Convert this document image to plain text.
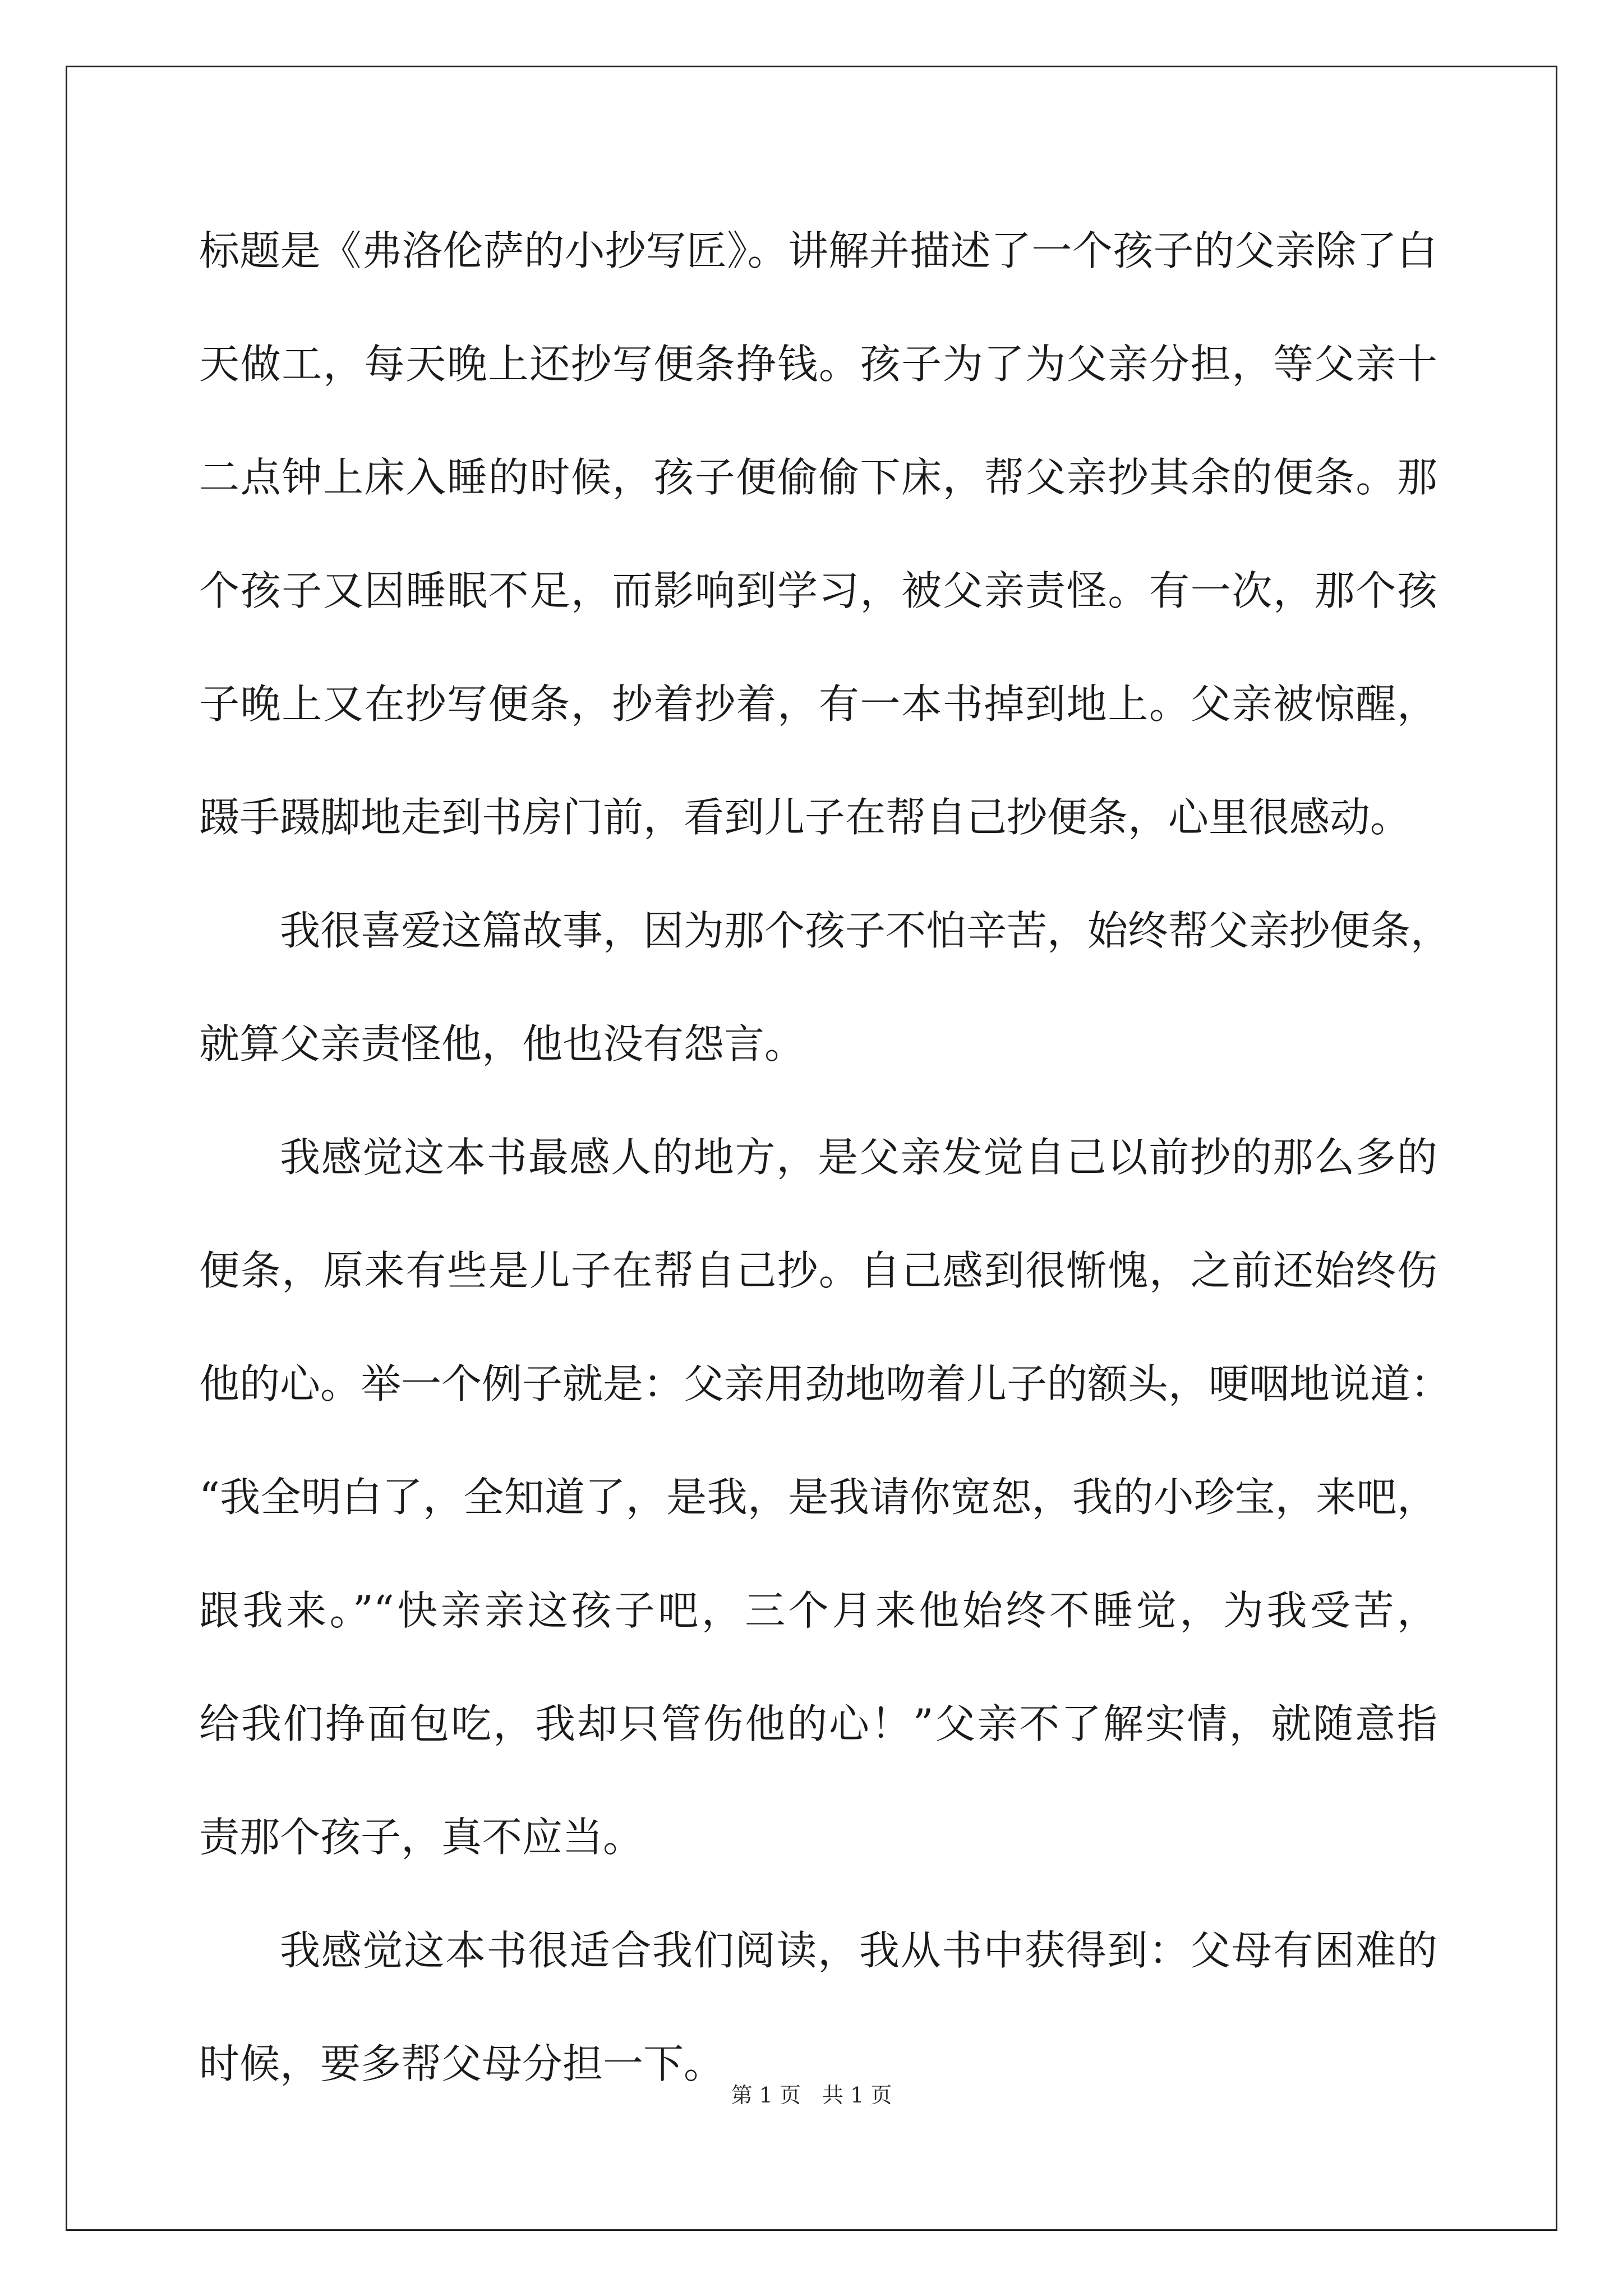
标题是《弗洛伦萨的小抄写匠》。讲解并描述了一个孩子的父亲除了白
天做工，每天晚上还抄写便条挣钱。孩子为了为父亲分担，等父亲十
二点钟上床入睡的时候，孩子便偷偷下床，帮父亲抄其余的便条。那
个孩子又因睡眠不足，而影响到学习，被父亲责怪。有一次，那个孩
子晚上又在抄写便条，抄着抄着，有一本书掉到地上。父亲被惊醒，
蹑手蹑脚地走到书房门前，看到儿子在帮自己抄便条，心里很感动。
我很喜爱这篇故事，因为那个孩子不怕辛苦，始终帮父亲抄便条，
就算父亲责怪他，他也没有怨言。
我感觉这本书最感人的地方，是父亲发觉自己以前抄的那么多的
便条，原来有些是儿子在帮自己抄。自己感到很惭愧，之前还始终伤
他的心。举一个例子就是：父亲用劲地吻着儿子的额头，哽咽地说道：
“我全明白了，全知道了，是我，是我请你宽恕，我的小珍宝，来吧，
跟我来。”“快亲亲这孩子吧，三个月来他始终不睡觉，为我受苦，
给我们挣面包吃，我却只管伤他的心！”父亲不了解实情，就随意指
责那个孩子，真不应当。
我感觉这本书很适合我们阅读，我从书中获得到：父母有困难的
时候，要多帮父母分担一下。
第 1 页　共 1 页
